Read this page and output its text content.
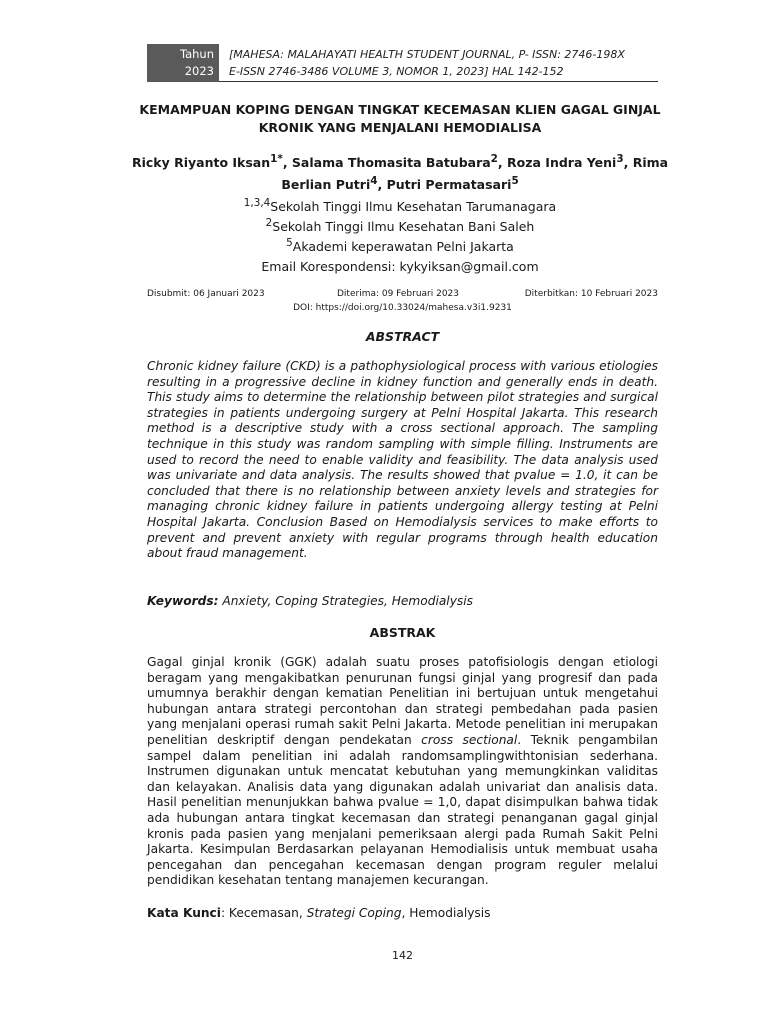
Tahun
2023
[MAHESA: MALAHAYATI HEALTH STUDENT JOURNAL, P- ISSN: 2746-198X
E-ISSN 2746-3486 VOLUME 3, NOMOR 1, 2023] HAL 142-152
KEMAMPUAN KOPING DENGAN TINGKAT KECEMASAN KLIEN GAGAL GINJAL
KRONIK YANG MENJALANI HEMODIALISA
Ricky Riyanto Iksan$^{1*}$, Salama Thomasita Batubara$^2$, Roza Indra Yeni$^3$, Rima Berlian Putri$^4$, Putri Permatasari$^5$
$^{1,3,4}$Sekolah Tinggi Ilmu Kesehatan Tarumanagara
$^2$Sekolah Tinggi Ilmu Kesehatan Bani Saleh
$^5$Akademi keperawatan Pelni Jakarta
Email Korespondensi: kykyiksan@gmail.com
Disubmit: 06 Januari 2023	Diterima: 09 Februari 2023	Diterbitkan: 10 Februari 2023
DOI: https://doi.org/10.33024/mahesa.v3i1.9231
ABSTRACT
Chronic kidney failure (CKD) is a pathophysiological process with various etiologies resulting in a progressive decline in kidney function and generally ends in death. This study aims to determine the relationship between pilot strategies and surgical strategies in patients undergoing surgery at Pelni Hospital Jakarta. This research method is a descriptive study with a cross sectional approach. The sampling technique in this study was random sampling with simple filling. Instruments are used to record the need to enable validity and feasibility. The data analysis used was univariate and data analysis. The results showed that pvalue = 1.0, it can be concluded that there is no relationship between anxiety levels and strategies for managing chronic kidney failure in patients undergoing allergy testing at Pelni Hospital Jakarta. Conclusion Based on Hemodialysis services to make efforts to prevent and prevent anxiety with regular programs through health education about fraud management.
Keywords: Anxiety, Coping Strategies, Hemodialysis
ABSTRAK
Gagal ginjal kronik (GGK) adalah suatu proses patofisiologis dengan etiologi beragam yang mengakibatkan penurunan fungsi ginjal yang progresif dan pada umumnya berakhir dengan kematian Penelitian ini bertujuan untuk mengetahui hubungan antara strategi percontohan dan strategi pembedahan pada pasien yang menjalani operasi rumah sakit Pelni Jakarta. Metode penelitian ini merupakan penelitian deskriptif dengan pendekatan cross sectional. Teknik pengambilan sampel dalam penelitian ini adalah randomsamplingwithtonisian sederhana. Instrumen digunakan untuk mencatat kebutuhan yang memungkinkan validitas dan kelayakan. Analisis data yang digunakan adalah univariat dan analisis data. Hasil penelitian menunjukkan bahwa pvalue = 1,0, dapat disimpulkan bahwa tidak ada hubungan antara tingkat kecemasan dan strategi penanganan gagal ginjal kronis pada pasien yang menjalani pemeriksaan alergi pada Rumah Sakit Pelni Jakarta. Kesimpulan Berdasarkan pelayanan Hemodialisis untuk membuat usaha pencegahan dan pencegahan kecemasan dengan program reguler melalui pendidikan kesehatan tentang manajemen kecurangan.
Kata Kunci: Kecemasan, Strategi Coping, Hemodialysis
142
